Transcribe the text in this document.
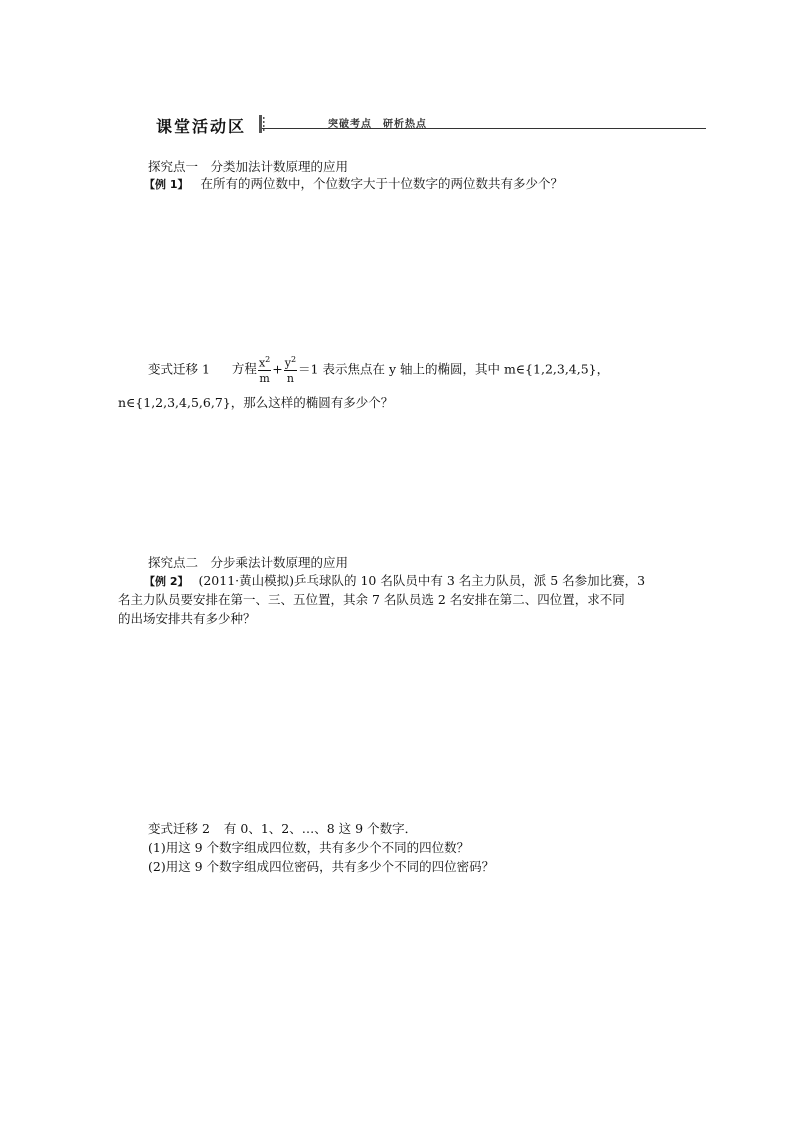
课堂活动区	突破考点　研析热点
探究点一　分类加法计数原理的应用
【例 1】 在所有的两位数中，个位数字大于十位数字的两位数共有多少个？
变式迁移 1 方程 $\frac{x^2}{m} + \frac{y^2}{n} =1$ 表示焦点在 y 轴上的椭圆，其中 m∈{1,2,3,4,5}，
n∈{1,2,3,4,5,6,7}，那么这样的椭圆有多少个？
探究点二　分步乘法计数原理的应用
【例 2】 (2011·黄山模拟)乒乓球队的 10 名队员中有 3 名主力队员，派 5 名参加比赛，3
名主力队员要安排在第一、三、五位置，其余 7 名队员选 2 名安排在第二、四位置，求不同
的出场安排共有多少种？
变式迁移 2 有 0、1、2、…、8 这 9 个数字．
(1)用这 9 个数字组成四位数，共有多少个不同的四位数？
(2)用这 9 个数字组成四位密码，共有多少个不同的四位密码？
